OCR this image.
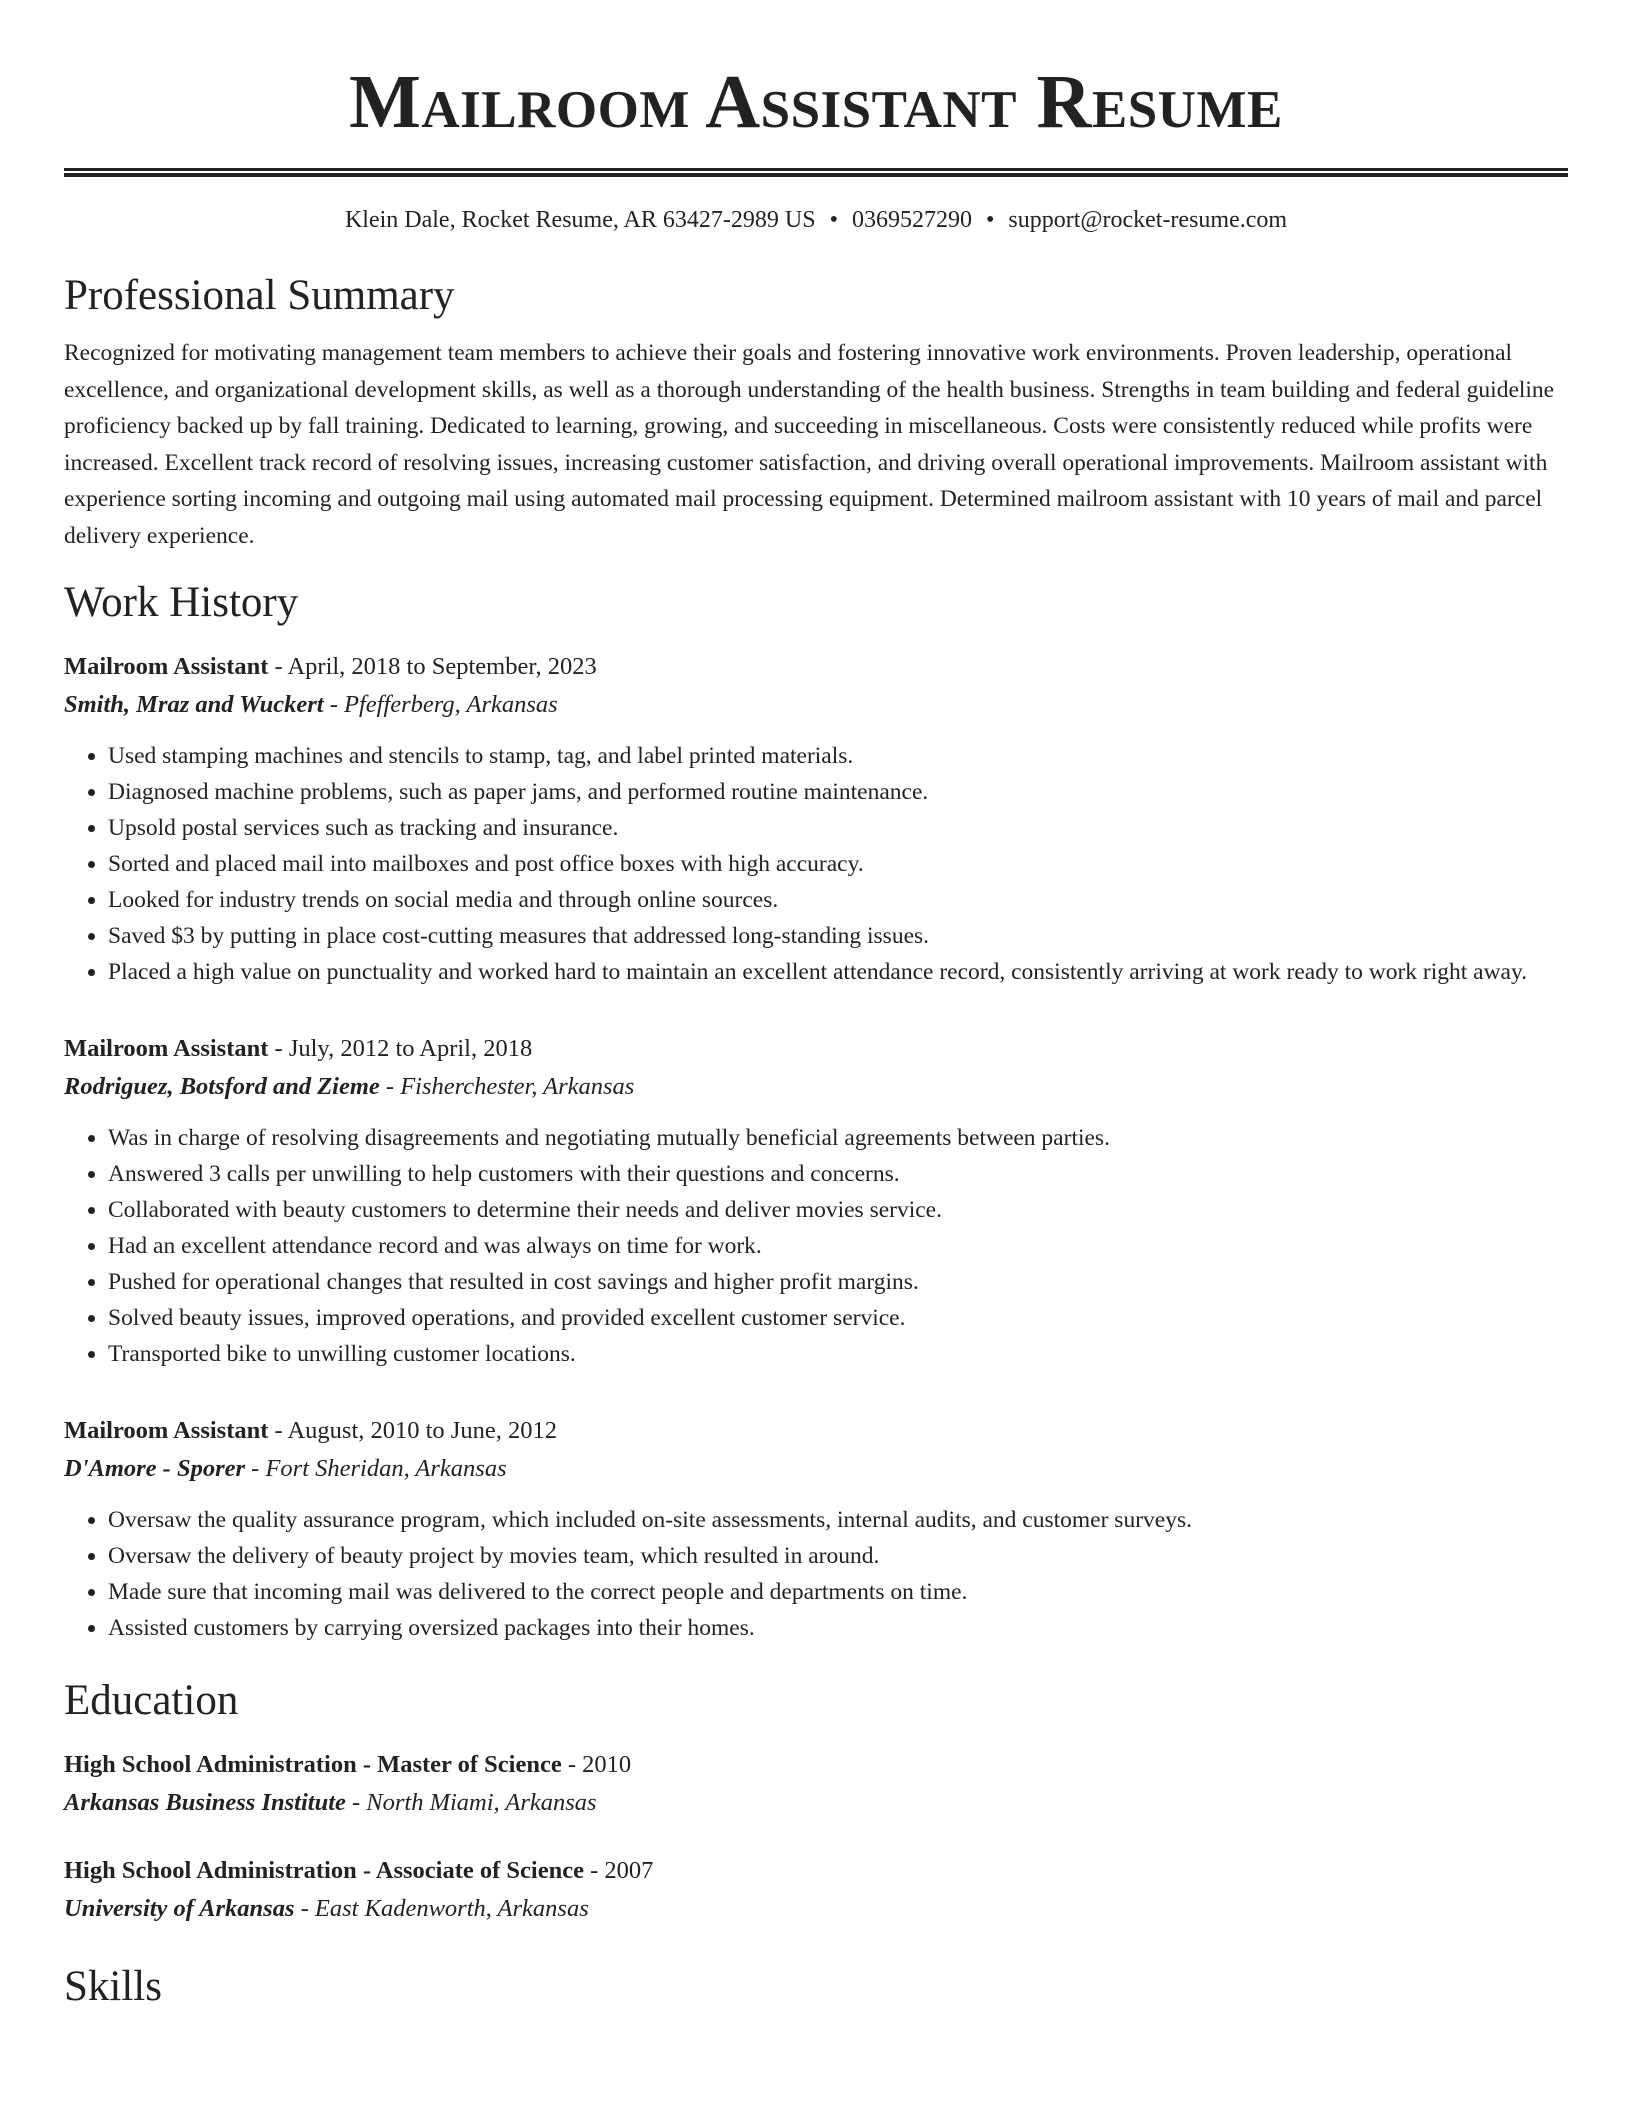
Mailroom Assistant Resume
Klein Dale, Rocket Resume, AR 63427-2989 US • 0369527290 • support@rocket-resume.com
Professional Summary

Recognized for motivating management team members to achieve their goals and fostering innovative work environments. Proven leadership, operational excellence, and organizational development skills, as well as a thorough understanding of the health business. Strengths in team building and federal guideline proficiency backed up by fall training. Dedicated to learning, growing, and succeeding in miscellaneous. Costs were consistently reduced while profits were increased. Excellent track record of resolving issues, increasing customer satisfaction, and driving overall operational improvements. Mailroom assistant with experience sorting incoming and outgoing mail using automated mail processing equipment. Determined mailroom assistant with 10 years of mail and parcel delivery experience.

Work History
Mailroom Assistant - April, 2018 to September, 2023
Smith, Mraz and Wuckert - Pfefferberg, Arkansas
• Used stamping machines and stencils to stamp, tag, and label printed materials.
• Diagnosed machine problems, such as paper jams, and performed routine maintenance.
• Upsold postal services such as tracking and insurance.
• Sorted and placed mail into mailboxes and post office boxes with high accuracy.
• Looked for industry trends on social media and through online sources.
• Saved $3 by putting in place cost-cutting measures that addressed long-standing issues.
• Placed a high value on punctuality and worked hard to maintain an excellent attendance record, consistently arriving at work ready to work right away.
Mailroom Assistant - July, 2012 to April, 2018
Rodriguez, Botsford and Zieme - Fisherchester, Arkansas
• Was in charge of resolving disagreements and negotiating mutually beneficial agreements between parties.
• Answered 3 calls per unwilling to help customers with their questions and concerns.
• Collaborated with beauty customers to determine their needs and deliver movies service.
• Had an excellent attendance record and was always on time for work.
• Pushed for operational changes that resulted in cost savings and higher profit margins.
• Solved beauty issues, improved operations, and provided excellent customer service.
• Transported bike to unwilling customer locations.
Mailroom Assistant - August, 2010 to June, 2012
D'Amore - Sporer - Fort Sheridan, Arkansas
• Oversaw the quality assurance program, which included on-site assessments, internal audits, and customer surveys.
• Oversaw the delivery of beauty project by movies team, which resulted in around.
• Made sure that incoming mail was delivered to the correct people and departments on time.
• Assisted customers by carrying oversized packages into their homes.
Education
High School Administration - Master of Science - 2010
Arkansas Business Institute - North Miami, Arkansas
High School Administration - Associate of Science - 2007
University of Arkansas - East Kadenworth, Arkansas
Skills
